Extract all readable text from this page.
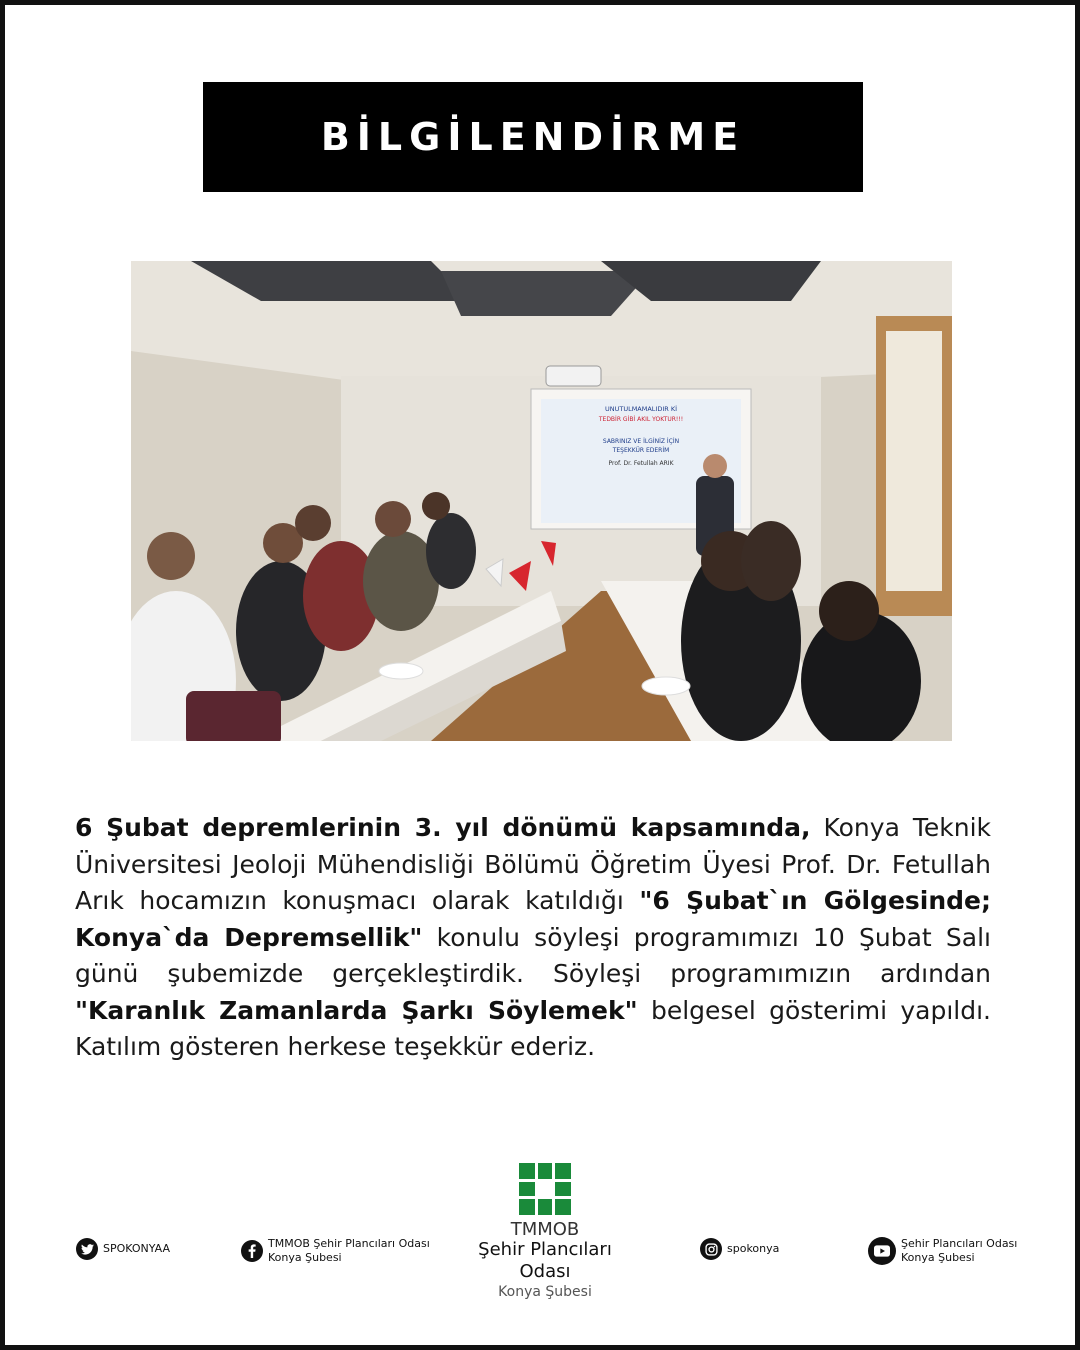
BİLGİLENDİRME
UNUTULMAMALIDIR Kİ
TEDBİR GİBİ AKIL YOKTUR!!!
SABRINIZ VE İLGİNİZ İÇİN
TEŞEKKÜR EDERİM
Prof. Dr. Fetullah ARIK
6 Şubat depremlerinin 3. yıl dönümü kapsamında, Konya Teknik Üniversitesi Jeoloji Mühendisliği Bölümü Öğretim Üyesi Prof. Dr. Fetullah Arık hocamızın konuşmacı olarak katıldığı "6 Şubat`ın Gölgesinde; Konya`da Depremsellik" konulu söyleşi programımızı 10 Şubat Salı günü şubemizde gerçekleştirdik. Söyleşi programımızın ardından "Karanlık Zamanlarda Şarkı Söylemek" belgesel gösterimi yapıldı. Katılım gösteren herkese teşekkür ederiz.
SPOKONYAA	TMMOB Şehir Plancıları Odası
Konya Şubesi
TMMOB
Şehir Plancıları Odası
Konya Şubesi
spokonya	Şehir Plancıları Odası
Konya Şubesi
